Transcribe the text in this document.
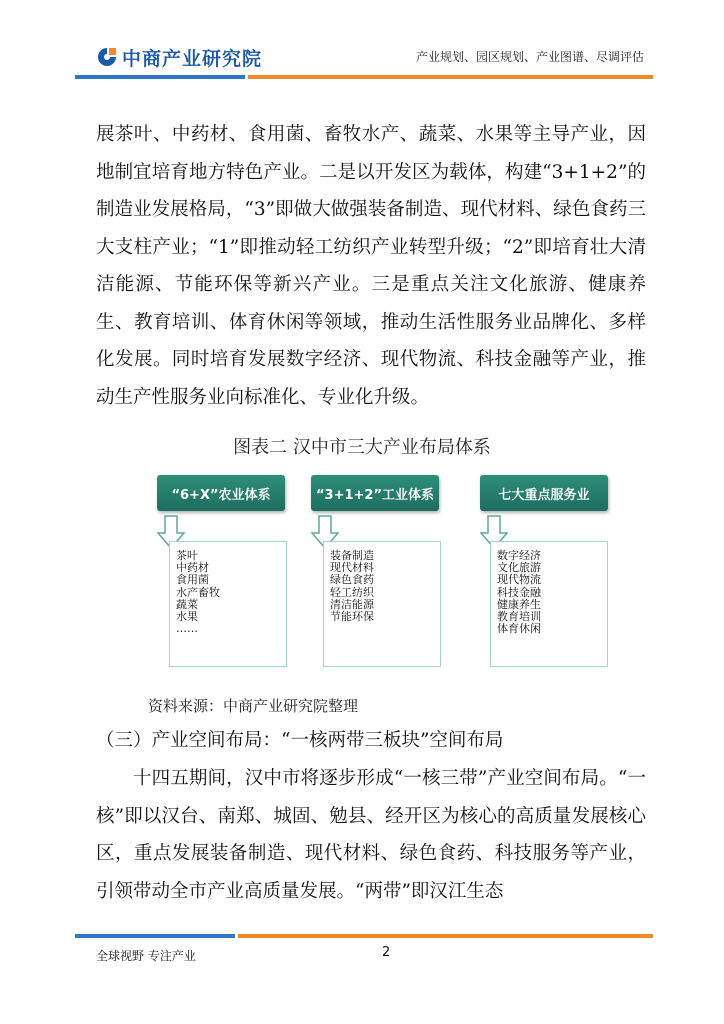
中商产业研究院	产业规划、园区规划、产业图谱、尽调评估

展茶叶、中药材、食用菌、畜牧水产、蔬菜、水果等主导产业，因地制宜培育地方特色产业。二是以开发区为载体，构建“3+1+2”的制造业发展格局，“3”即做大做强装备制造、现代材料、绿色食药三大支柱产业；“1”即推动轻工纺织产业转型升级；“2”即培育壮大清洁能源、节能环保等新兴产业。三是重点关注文化旅游、健康养生、教育培训、体育休闲等领域，推动生活性服务业品牌化、多样化发展。同时培育发展数字经济、现代物流、科技金融等产业，推动生产性服务业向标准化、专业化升级。

图表二 汉中市三大产业布局体系
“6+X”农业体系
茶叶
中药材
食用菌
水产畜牧
蔬菜
水果
……
“3+1+2”工业体系
装备制造
现代材料
绿色食药
轻工纺织
清洁能源
节能环保
七大重点服务业
数字经济
文化旅游
现代物流
科技金融
健康养生
教育培训
体育休闲
资料来源：中商产业研究院整理
（三）产业空间布局：“一核两带三板块”空间布局

十四五期间，汉中市将逐步形成“一核三带”产业空间布局。“一核”即以汉台、南郑、城固、勉县、经开区为核心的高质量发展核心区，重点发展装备制造、现代材料、绿色食药、科技服务等产业，引领带动全市产业高质量发展。“两带”即汉江生态

全球视野 专注产业	2
